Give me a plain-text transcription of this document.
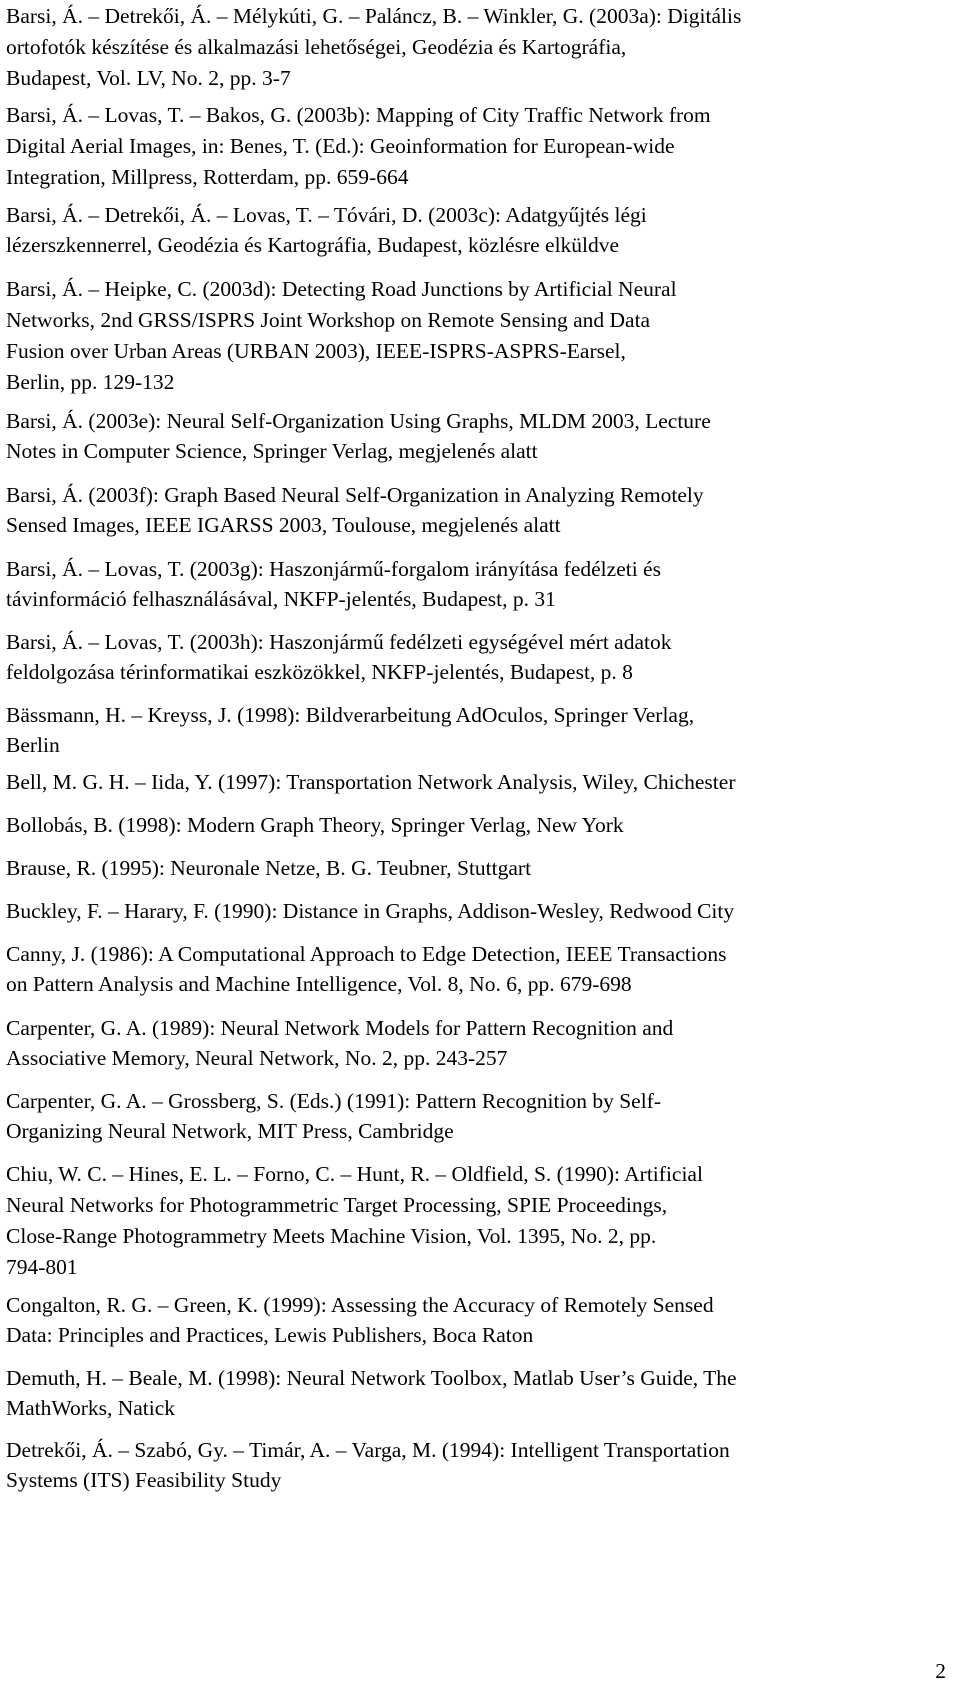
Barsi, Á. – Detrekői, Á. – Mélykúti, G. – Paláncz, B. – Winkler, G. (2003a): Digitális
ortofotók készítése és alkalmazási lehetőségei, Geodézia és Kartográfia,
Budapest, Vol. LV, No. 2, pp. 3-7
Barsi, Á. – Lovas, T. – Bakos, G. (2003b): Mapping of City Traffic Network from
Digital Aerial Images, in: Benes, T. (Ed.): Geoinformation for European-wide
Integration, Millpress, Rotterdam, pp. 659-664
Barsi, Á. – Detrekői, Á. – Lovas, T. – Tóvári, D. (2003c): Adatgyűjtés légi
lézerszkennerrel, Geodézia és Kartográfia, Budapest, közlésre elküldve
Barsi, Á. – Heipke, C. (2003d): Detecting Road Junctions by Artificial Neural
Networks, 2nd GRSS/ISPRS Joint Workshop on Remote Sensing and Data
Fusion over Urban Areas (URBAN 2003), IEEE-ISPRS-ASPRS-Earsel,
Berlin, pp. 129-132
Barsi, Á. (2003e): Neural Self-Organization Using Graphs, MLDM 2003, Lecture
Notes in Computer Science, Springer Verlag, megjelenés alatt
Barsi, Á. (2003f): Graph Based Neural Self-Organization in Analyzing Remotely
Sensed Images, IEEE IGARSS 2003, Toulouse, megjelenés alatt
Barsi, Á. – Lovas, T. (2003g): Haszonjármű-forgalom irányítása fedélzeti és
távinformáció felhasználásával, NKFP-jelentés, Budapest, p. 31
Barsi, Á. – Lovas, T. (2003h): Haszonjármű fedélzeti egységével mért adatok
feldolgozása térinformatikai eszközökkel, NKFP-jelentés, Budapest, p. 8
Bässmann, H. – Kreyss, J. (1998): Bildverarbeitung AdOculos, Springer Verlag,
Berlin
Bell, M. G. H. – Iida, Y. (1997): Transportation Network Analysis, Wiley, Chichester
Bollobás, B. (1998): Modern Graph Theory, Springer Verlag, New York
Brause, R. (1995): Neuronale Netze, B. G. Teubner, Stuttgart
Buckley, F. – Harary, F. (1990): Distance in Graphs, Addison-Wesley, Redwood City
Canny, J. (1986): A Computational Approach to Edge Detection, IEEE Transactions
on Pattern Analysis and Machine Intelligence, Vol. 8, No. 6, pp. 679-698
Carpenter, G. A. (1989): Neural Network Models for Pattern Recognition and
Associative Memory, Neural Network, No. 2, pp. 243-257
Carpenter, G. A. – Grossberg, S. (Eds.) (1991): Pattern Recognition by Self-
Organizing Neural Network, MIT Press, Cambridge
Chiu, W. C. – Hines, E. L. – Forno, C. – Hunt, R. – Oldfield, S. (1990): Artificial
Neural Networks for Photogrammetric Target Processing, SPIE Proceedings,
Close-Range Photogrammetry Meets Machine Vision, Vol. 1395, No. 2, pp.
794-801
Congalton, R. G. – Green, K. (1999): Assessing the Accuracy of Remotely Sensed
Data: Principles and Practices, Lewis Publishers, Boca Raton
Demuth, H. – Beale, M. (1998): Neural Network Toolbox, Matlab User’s Guide, The
MathWorks, Natick
Detrekői, Á. – Szabó, Gy. – Timár, A. – Varga, M. (1994): Intelligent Transportation
Systems (ITS) Feasibility Study
2
